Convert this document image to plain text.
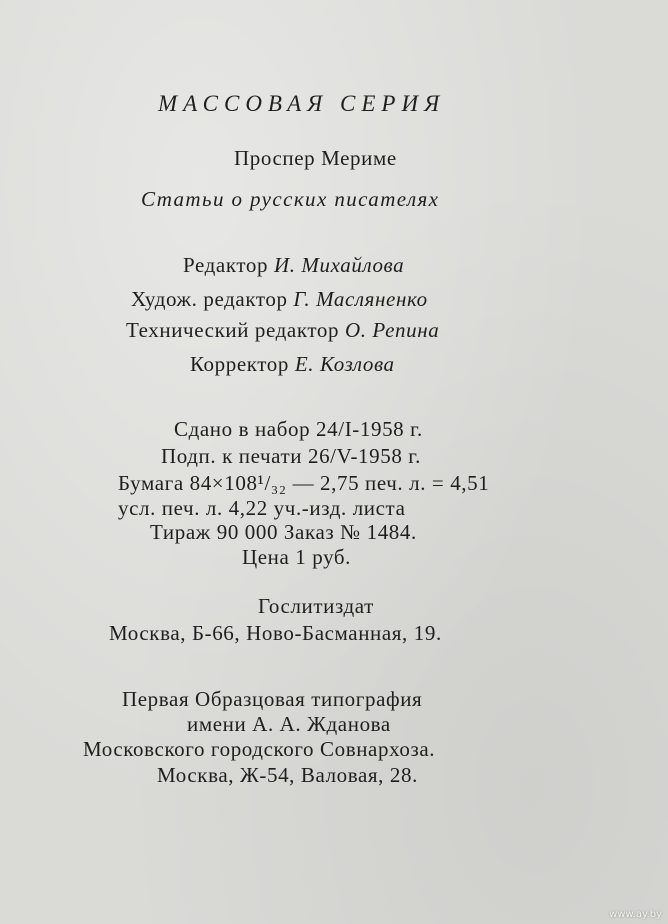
МАССОВАЯ СЕРИЯ
Проспер Мериме
Статьи о русских писателях
Редактор И. Михайлова
Худож. редактор Г. Масляненко
Технический редактор О. Репина
Корректор Е. Козлова
Сдано в набор 24/I-1958 г.
Подп. к печати 26/V-1958 г.
Бумага 84×108¹/₃₂ — 2,75 печ. л. = 4,51
усл. печ. л. 4,22 уч.-изд. листа
Тираж 90 000 Заказ № 1484.
Цена 1 руб.
Гослитиздат
Москва, Б-66, Ново-Басманная, 19.
Первая Образцовая типография
имени А. А. Жданова
Московского городского Совнархоза.
Москва, Ж-54, Валовая, 28.
www.ay.by
